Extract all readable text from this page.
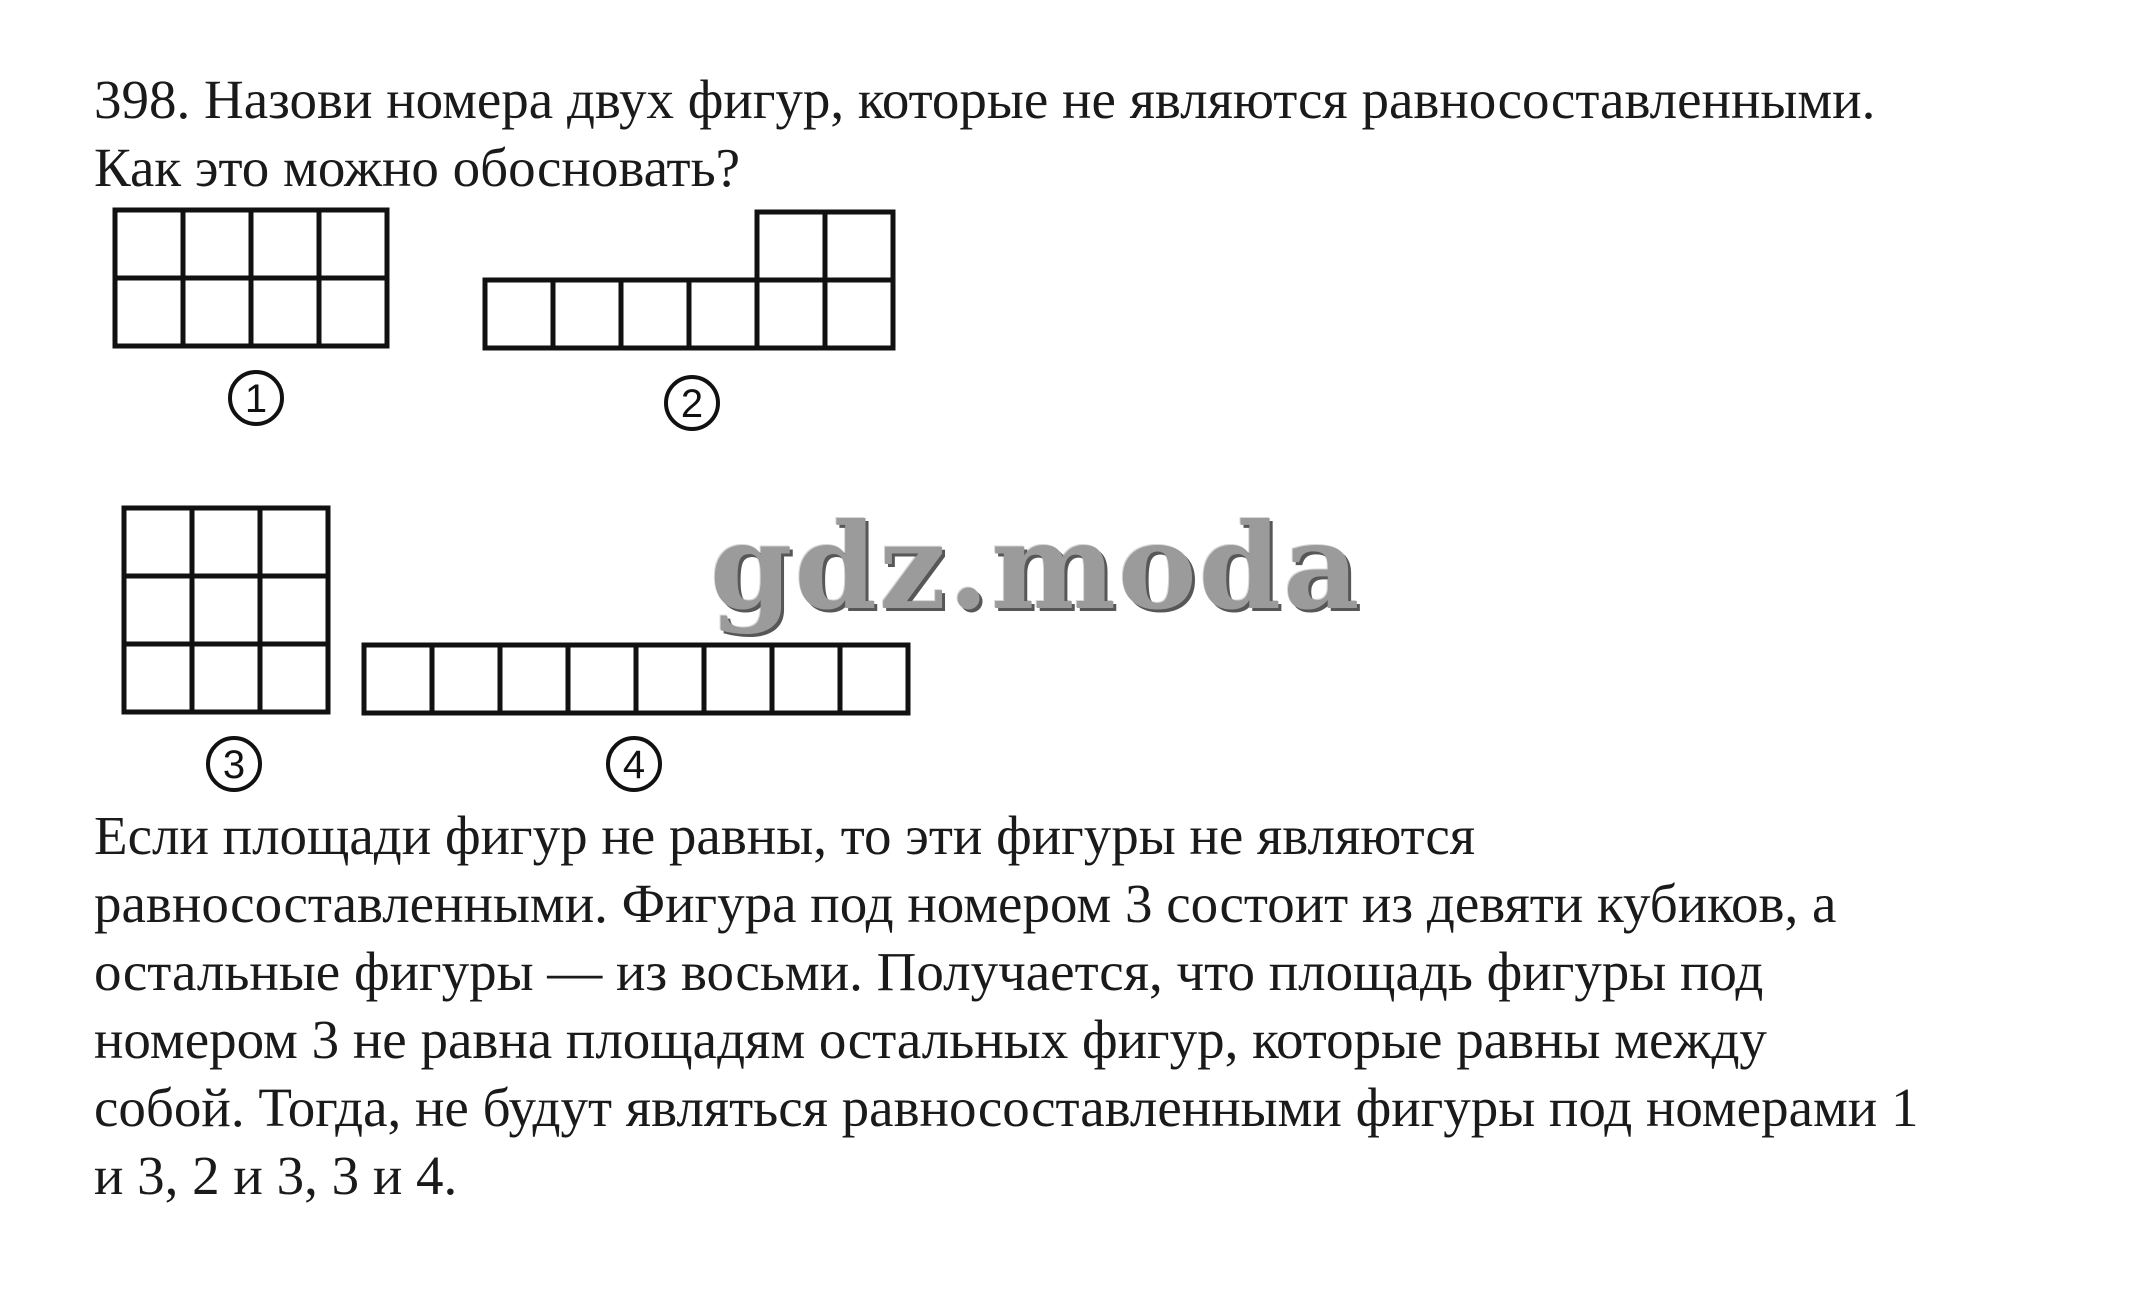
398. Назови номера двух фигур, которые не являются равносоставленными.
Как это можно обосновать?
1	2
3	4
gdz.moda
Если площади фигур не равны, то эти фигуры не являются
равносоставленными. Фигура под номером 3 состоит из девяти кубиков, а
остальные фигуры — из восьми. Получается, что площадь фигуры под
номером 3 не равна площадям остальных фигур, которые равны между
собой. Тогда, не будут являться равносоставленными фигуры под номерами 1
и 3, 2 и 3, 3 и 4.
